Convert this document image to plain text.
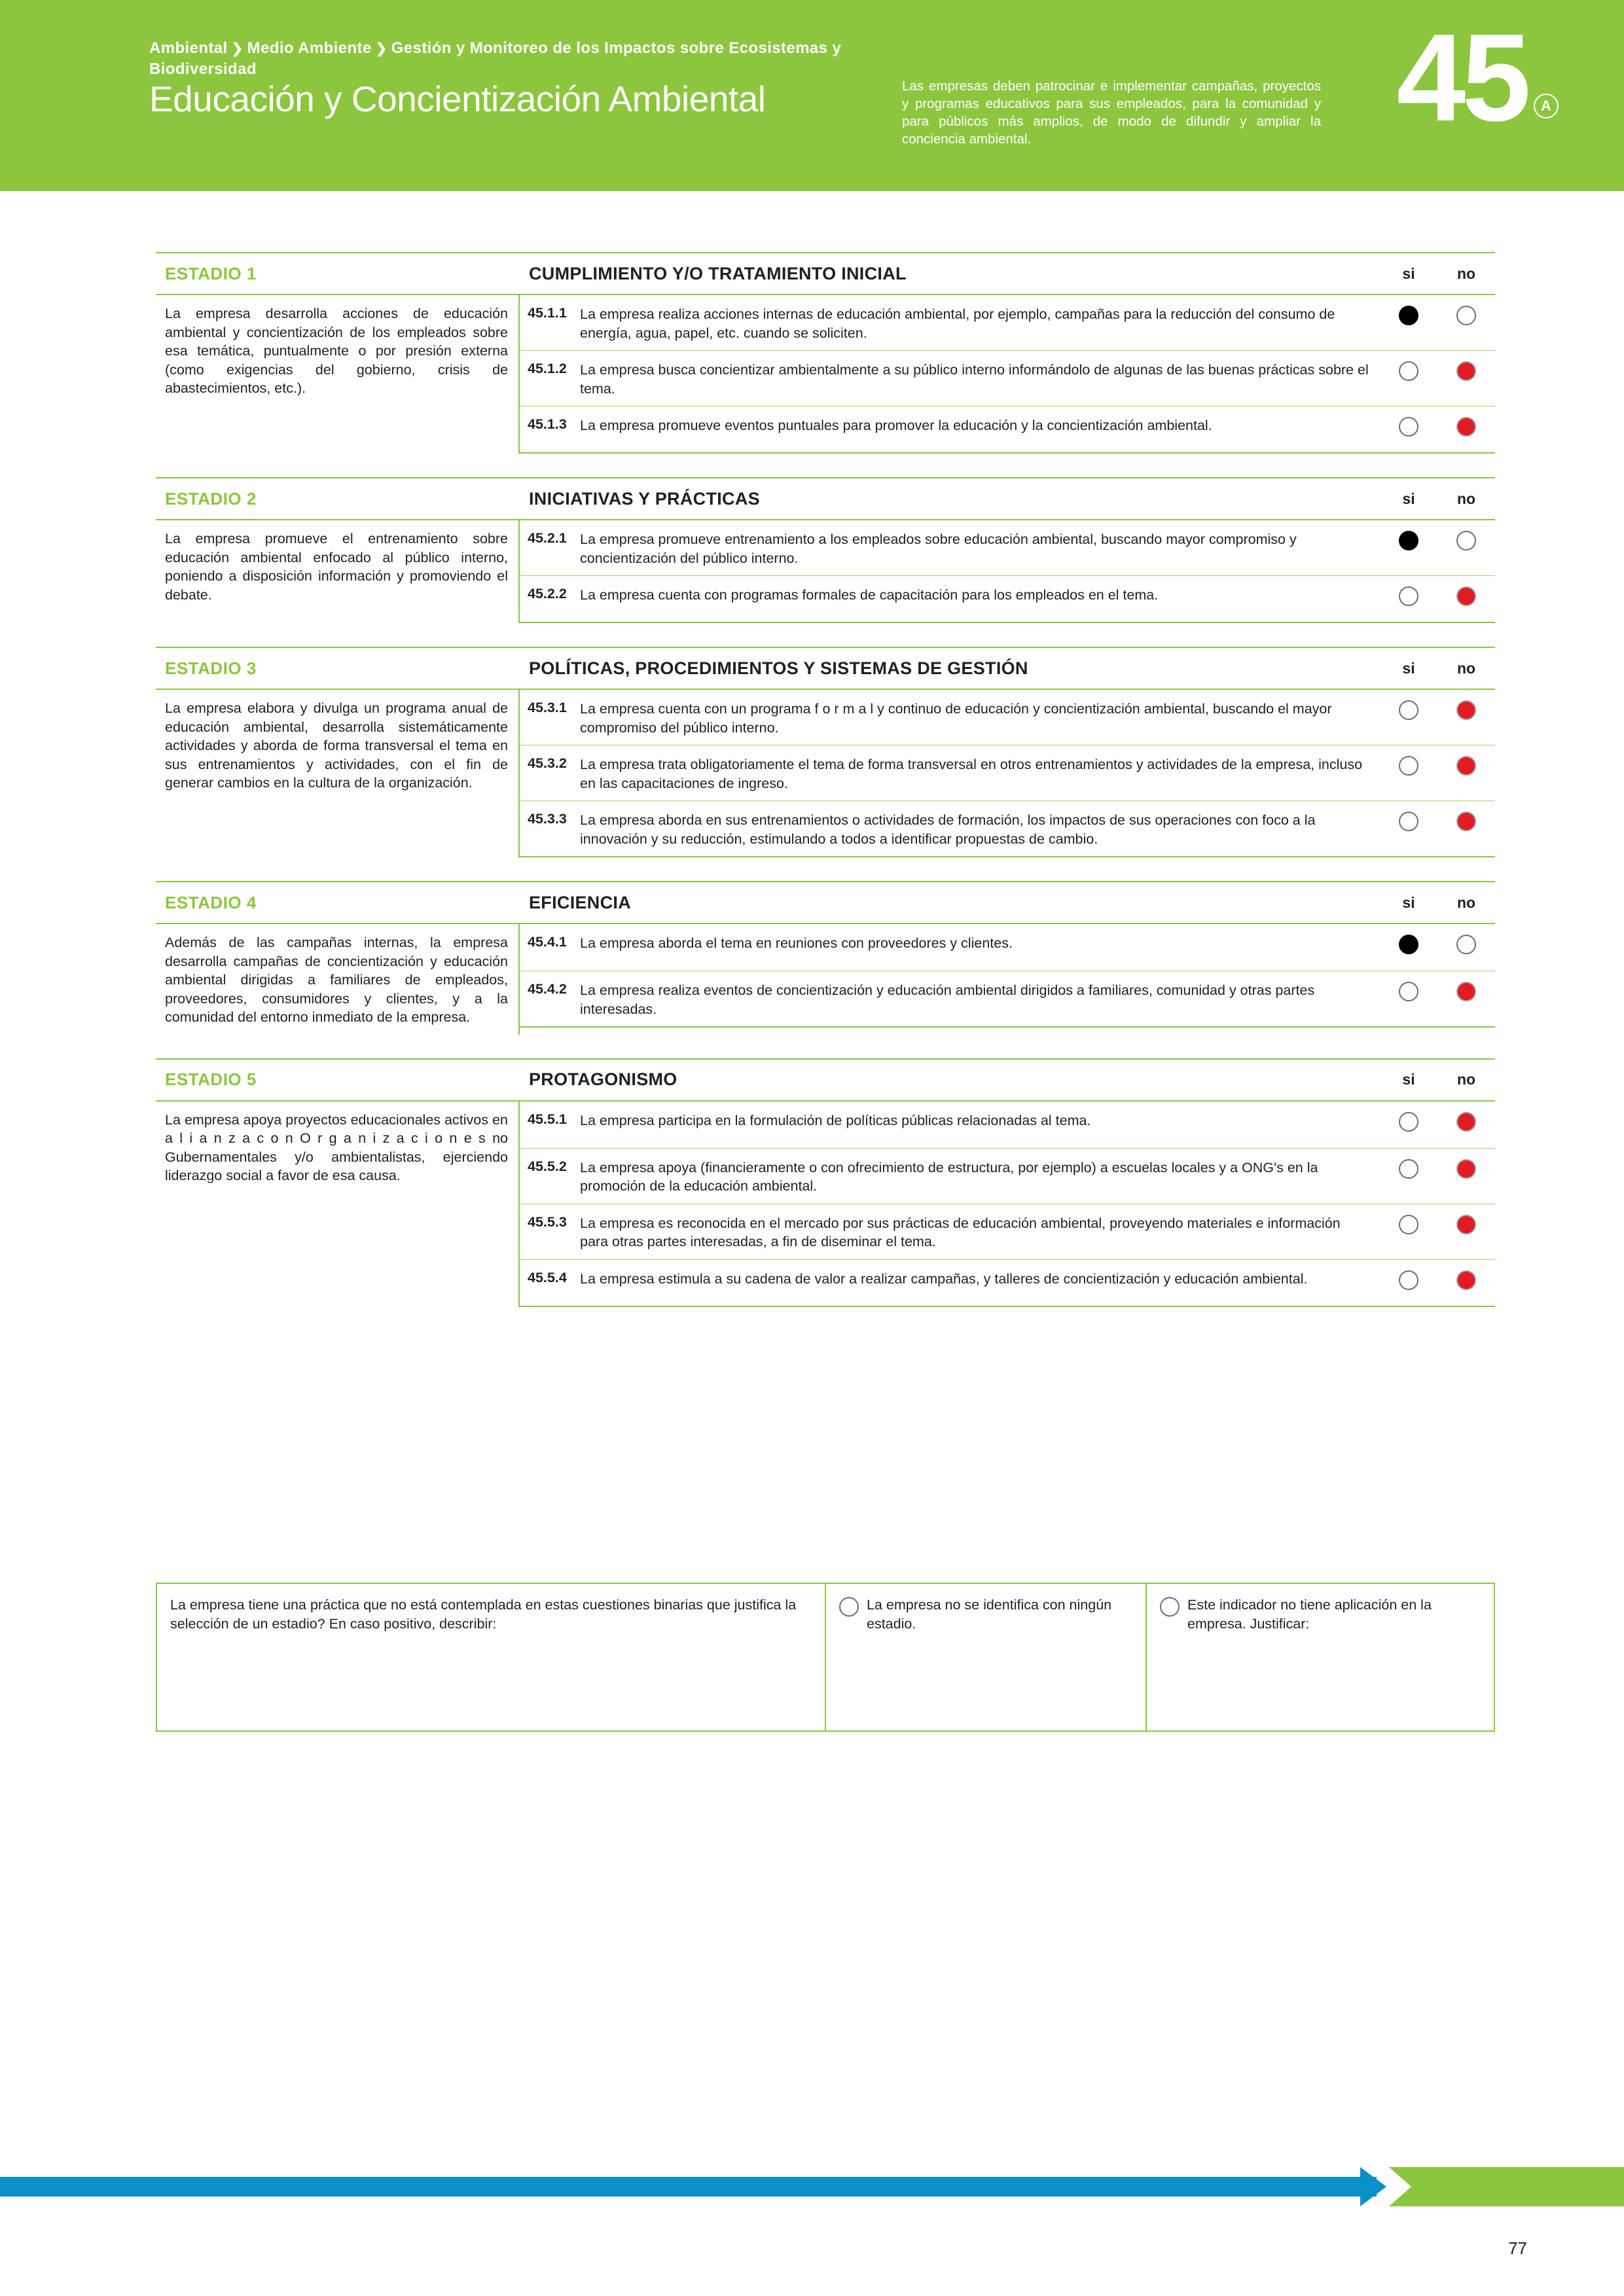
Ambiental ❯ Medio Ambiente ❯ Gestión y Monitoreo de los Impactos sobre Ecosistemas y Biodiversidad
Educación y Concientización Ambiental	Las empresas deben patrocinar e implementar campañas, proyectos y programas educativos para sus empleados, para la comunidad y para públicos más amplios, de modo de difundir y ampliar la conciencia ambiental.	45 A
ESTADIO 1	CUMPLIMIENTO Y/O TRATAMIENTO INICIAL	si	no
La empresa desarrolla acciones de educación ambiental y concientización de los empleados sobre esa temática, puntualmente o por presión externa (como exigencias del gobierno, crisis de abastecimientos, etc.).
45.1.1 La empresa realiza acciones internas de educación ambiental, por ejemplo, campañas para la reducción del consumo de energía, agua, papel, etc. cuando se soliciten.
45.1.2 La empresa busca concientizar ambientalmente a su público interno informándolo de algunas de las buenas prácticas sobre el tema.
45.1.3 La empresa promueve eventos puntuales para promover la educación y la concientización ambiental.
ESTADIO 2	INICIATIVAS Y PRÁCTICAS	si	no
La empresa promueve el entrenamiento sobre educación ambiental enfocado al público interno, poniendo a disposición información y promoviendo el debate.
45.2.1 La empresa promueve entrenamiento a los empleados sobre educación ambiental, buscando mayor compromiso y concientización del público interno.
45.2.2 La empresa cuenta con programas formales de capacitación para los empleados en el tema.
ESTADIO 3	POLÍTICAS, PROCEDIMIENTOS Y SISTEMAS DE GESTIÓN	si	no
La empresa elabora y divulga un programa anual de educación ambiental, desarrolla sistemáticamente actividades y aborda de forma transversal el tema en sus entrenamientos y actividades, con el fin de generar cambios en la cultura de la organización.
45.3.1 La empresa cuenta con un programa f o r m a l y continuo de educación y concientización ambiental, buscando el mayor compromiso del público interno.
45.3.2 La empresa trata obligatoriamente el tema de forma transversal en otros entrenamientos y actividades de la empresa, incluso en las capacitaciones de ingreso.
45.3.3 La empresa aborda en sus entrenamientos o actividades de formación, los impactos de sus operaciones con foco a la innovación y su reducción, estimulando a todos a identificar propuestas de cambio.
ESTADIO 4	EFICIENCIA	si	no
Además de las campañas internas, la empresa desarrolla campañas de concientización y educación ambiental dirigidas a familiares de empleados, proveedores, consumidores y clientes, y a la comunidad del entorno inmediato de la empresa.
45.4.1 La empresa aborda el tema en reuniones con proveedores y clientes.
45.4.2 La empresa realiza eventos de concientización y educación ambiental dirigidos a familiares, comunidad y otras partes interesadas.
ESTADIO 5	PROTAGONISMO	si	no
La empresa apoya proyectos educacionales activos en a l i a n z a c o n O r g a n i z a c i o n e s no Gubernamentales y/o ambientalistas, ejerciendo liderazgo social a favor de esa causa.
45.5.1 La empresa participa en la formulación de políticas públicas relacionadas al tema.
45.5.2 La empresa apoya (financieramente o con ofrecimiento de estructura, por ejemplo) a escuelas locales y a ONG's en la promoción de la educación ambiental.
45.5.3 La empresa es reconocida en el mercado por sus prácticas de educación ambiental, proveyendo materiales e información para otras partes interesadas, a fin de diseminar el tema.
45.5.4 La empresa estimula a su cadena de valor a realizar campañas, y talleres de concientización y educación ambiental.
La empresa tiene una práctica que no está contemplada en estas cuestiones binarias que justifica la selección de un estadio? En caso positivo, describir:
La empresa no se identifica con ningún estadio.
Este indicador no tiene aplicación en la empresa. Justificar:
77
